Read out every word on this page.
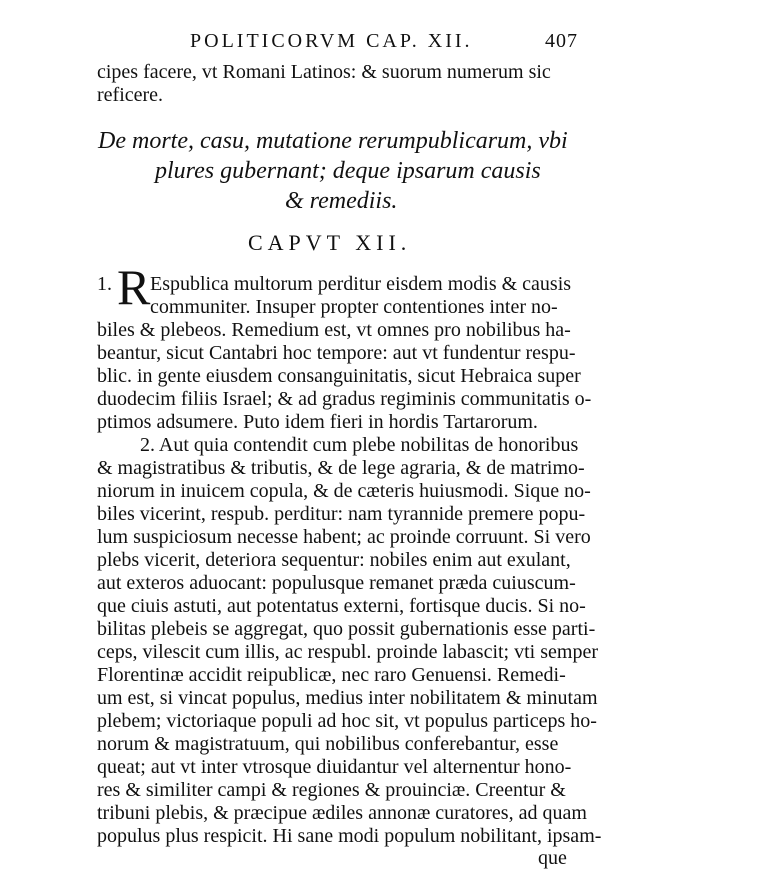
POLITICORVM CAP. XII.	407
cipes facere, vt Romani Latinos: & suorum numerum sic
reficere.
De morte, casu, mutatione rerumpublicarum, vbi
plures gubernant; deque ipsarum causis
& remediis.
CAPVT XII.
1. R Espublica multorum perditur eisdem modis & causis
communiter. Insuper propter contentiones inter no-
biles & plebeos. Remedium est, vt omnes pro nobilibus ha-
beantur, sicut Cantabri hoc tempore: aut vt fundentur respu-
blic. in gente eiusdem consanguinitatis, sicut Hebraica super
duodecim filiis Israel; & ad gradus regiminis communitatis o-
ptimos adsumere. Puto idem fieri in hordis Tartarorum.
2. Aut quia contendit cum plebe nobilitas de honoribus
& magistratibus & tributis, & de lege agraria, & de matrimo-
niorum in inuicem copula, & de cæteris huiusmodi. Sique no-
biles vicerint, respub. perditur: nam tyrannide premere popu-
lum suspiciosum necesse habent; ac proinde corruunt. Si vero
plebs vicerit, deteriora sequentur: nobiles enim aut exulant,
aut exteros aduocant: populusque remanet præda cuiuscum-
que ciuis astuti, aut potentatus externi, fortisque ducis. Si no-
bilitas plebeis se aggregat, quo possit gubernationis esse parti-
ceps, vilescit cum illis, ac respubl. proinde labascit; vti semper
Florentinæ accidit reipublicæ, nec raro Genuensi. Remedi-
um est, si vincat populus, medius inter nobilitatem & minutam
plebem; victoriaque populi ad hoc sit, vt populus particeps ho-
norum & magistratuum, qui nobilibus conferebantur, esse
queat; aut vt inter vtrosque diuidantur vel alternentur hono-
res & similiter campi & regiones & prouinciæ. Creentur &
tribuni plebis, & præcipue ædiles annonæ curatores, ad quam
populus plus respicit. Hi sane modi populum nobilitant, ipsam-
que
